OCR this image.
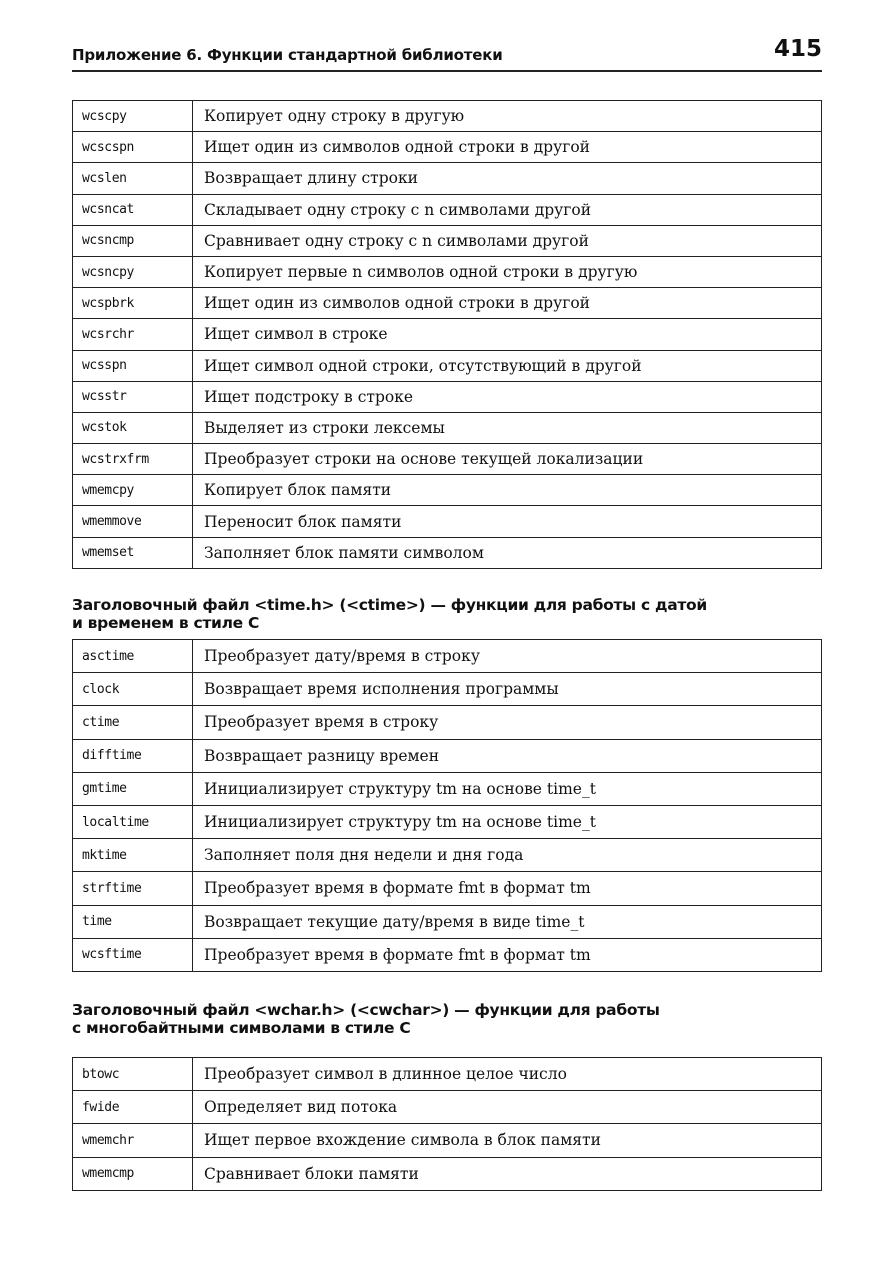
Приложение 6. Функции стандартной библиотеки	415
wcscpy	Копирует одну строку в другую
wcscspn	Ищет один из символов одной строки в другой
wcslen	Возвращает длину строки
wcsncat	Складывает одну строку с n символами другой
wcsncmp	Сравнивает одну строку с n символами другой
wcsncpy	Копирует первые n символов одной строки в другую
wcspbrk	Ищет один из символов одной строки в другой
wcsrchr	Ищет символ в строке
wcsspn	Ищет символ одной строки, отсутствующий в другой
wcsstr	Ищет подстроку в строке
wcstok	Выделяет из строки лексемы
wcstrxfrm	Преобразует строки на основе текущей локализации
wmemcpy	Копирует блок памяти
wmemmove	Переносит блок памяти
wmemset	Заполняет блок памяти символом
Заголовочный файл <time.h> (<ctime>) — функции для работы с датой
и временем в стиле С
asctime	Преобразует дату/время в строку
clock	Возвращает время исполнения программы
ctime	Преобразует время в строку
difftime	Возвращает разницу времен
gmtime	Инициализирует структуру tm на основе time_t
localtime	Инициализирует структуру tm на основе time_t
mktime	Заполняет поля дня недели и дня года
strftime	Преобразует время в формате fmt в формат tm
time	Возвращает текущие дату/время в виде time_t
wcsftime	Преобразует время в формате fmt в формат tm
Заголовочный файл <wchar.h> (<cwchar>) — функции для работы
с многобайтными символами в стиле С
btowc	Преобразует символ в длинное целое число
fwide	Определяет вид потока
wmemchr	Ищет первое вхождение символа в блок памяти
wmemcmp	Сравнивает блоки памяти
